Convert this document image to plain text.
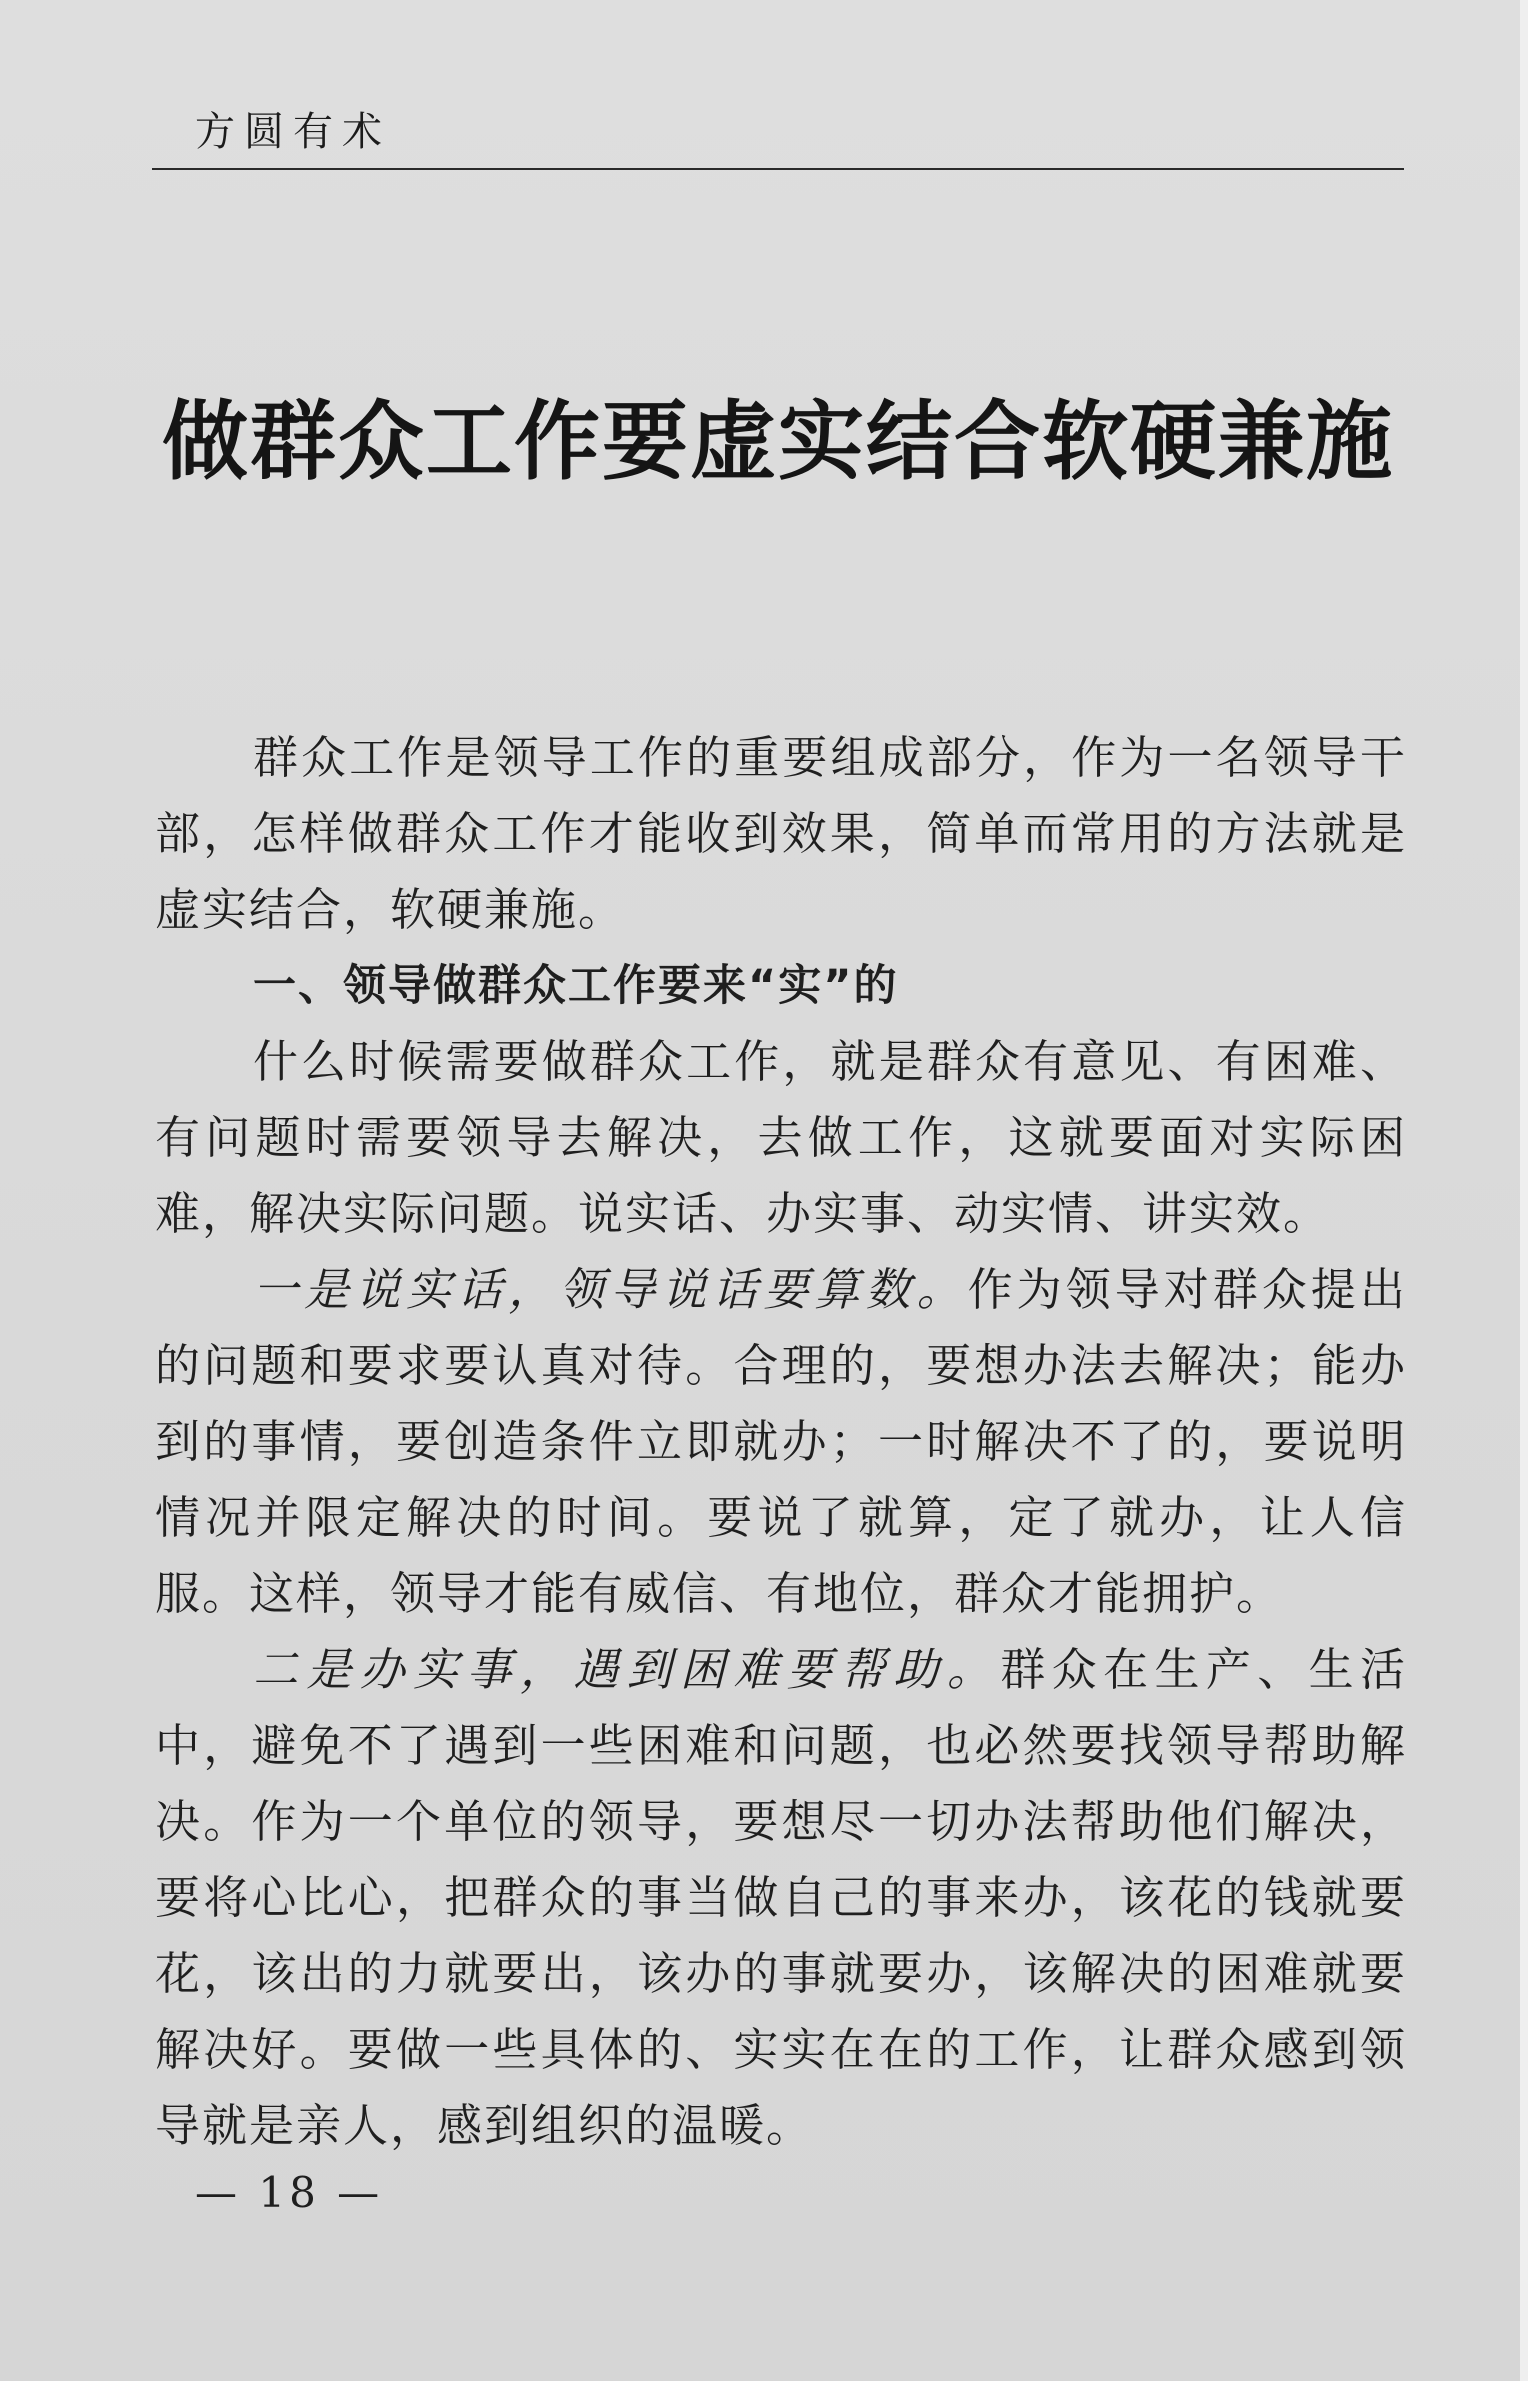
方圆有术
做群众工作要虚实结合软硬兼施

群众工作是领导工作的重要组成部分，作为一名领导干部，怎样做群众工作才能收到效果，简单而常用的方法就是虚实结合，软硬兼施。

一、领导做群众工作要来“实”的

什么时候需要做群众工作，就是群众有意见、有困难、有问题时需要领导去解决，去做工作，这就要面对实际困难，解决实际问题。说实话、办实事、动实情、讲实效。

一是说实话，领导说话要算数。作为领导对群众提出的问题和要求要认真对待。合理的，要想办法去解决；能办到的事情，要创造条件立即就办；一时解决不了的，要说明情况并限定解决的时间。要说了就算，定了就办，让人信服。这样，领导才能有威信、有地位，群众才能拥护。

二是办实事，遇到困难要帮助。群众在生产、生活中，避免不了遇到一些困难和问题，也必然要找领导帮助解决。作为一个单位的领导，要想尽一切办法帮助他们解决，要将心比心，把群众的事当做自己的事来办，该花的钱就要花，该出的力就要出，该办的事就要办，该解决的困难就要解决好。要做一些具体的、实实在在的工作，让群众感到领导就是亲人，感到组织的温暖。

— 18 —
